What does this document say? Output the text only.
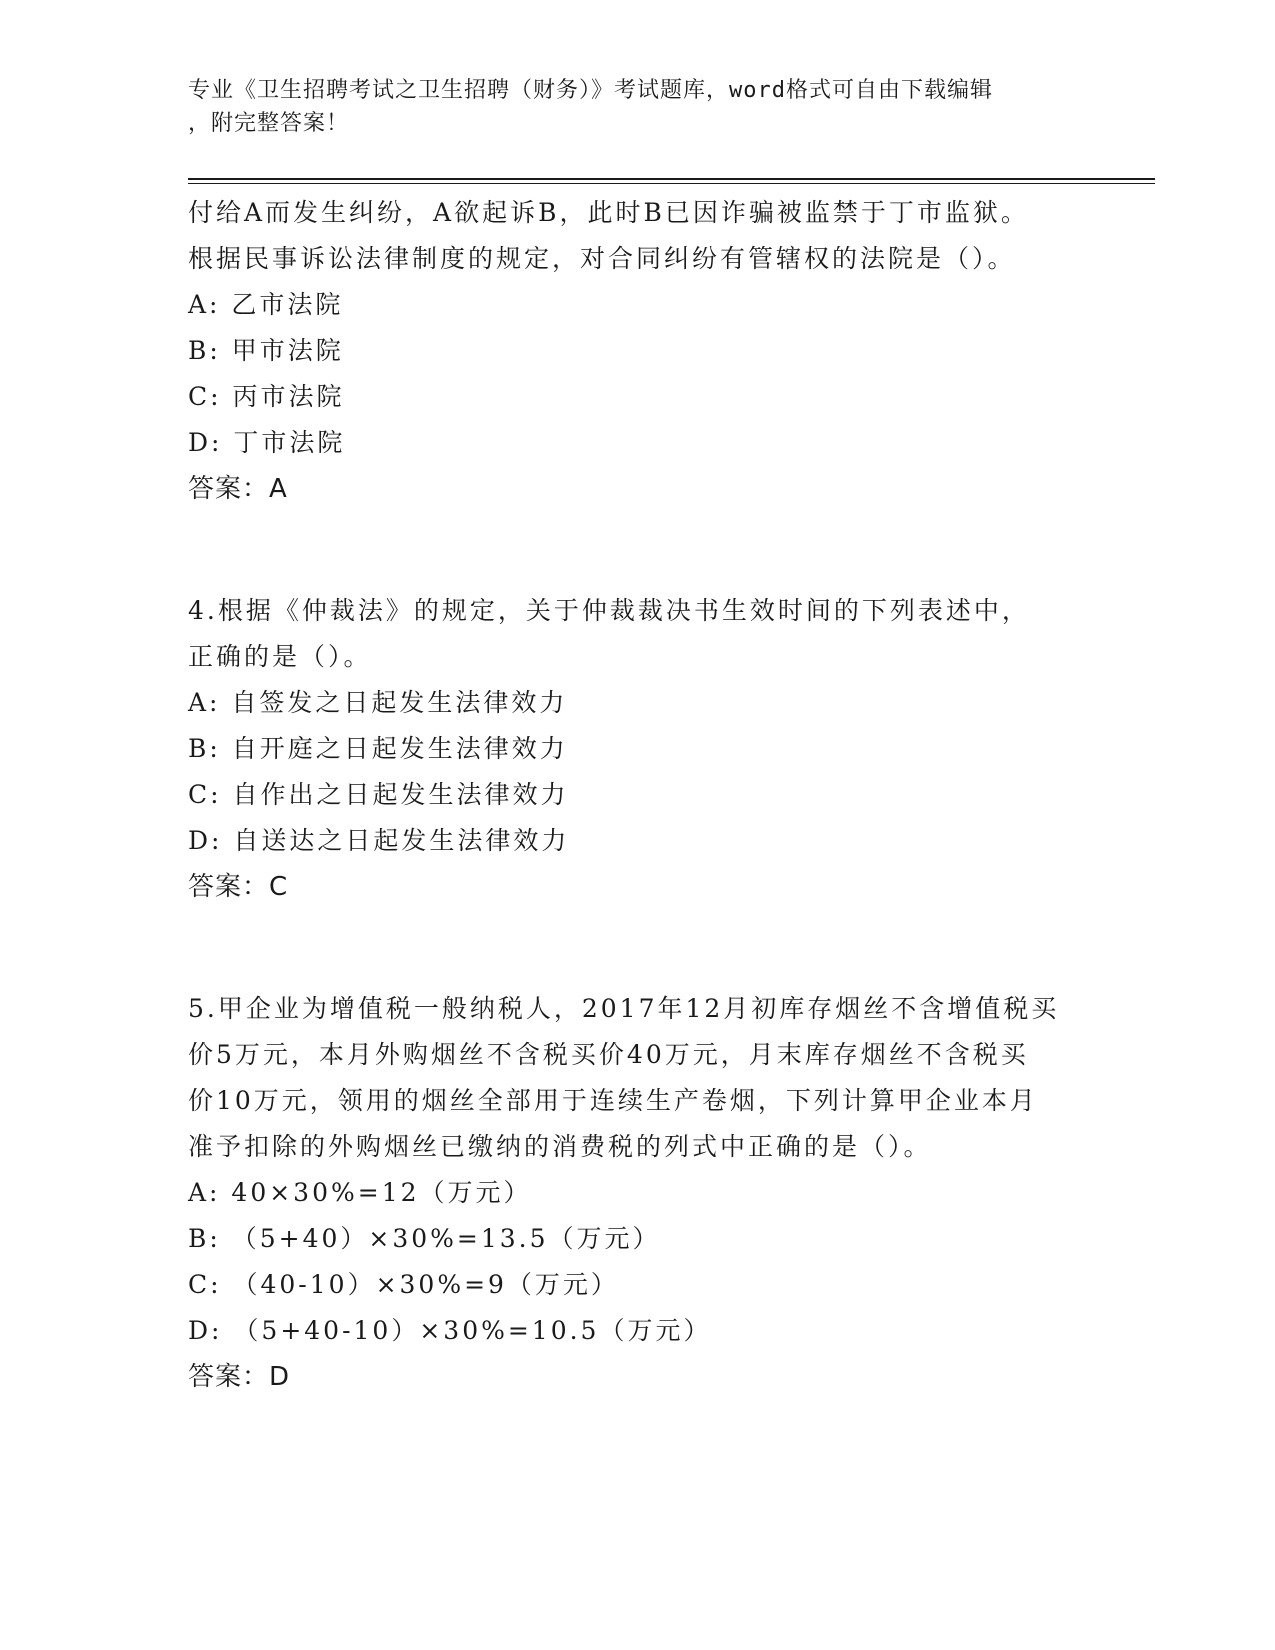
专业《卫生招聘考试之卫生招聘（财务）》考试题库，word格式可自由下载编辑
，附完整答案！
付给A而发生纠纷，A欲起诉B，此时B已因诈骗被监禁于丁市监狱。
根据民事诉讼法律制度的规定，对合同纠纷有管辖权的法院是（）。
A: 乙市法院
B: 甲市法院
C: 丙市法院
D: 丁市法院
答案：A
4.根据《仲裁法》的规定，关于仲裁裁决书生效时间的下列表述中，
正确的是（）。
A: 自签发之日起发生法律效力
B: 自开庭之日起发生法律效力
C: 自作出之日起发生法律效力
D: 自送达之日起发生法律效力
答案：C
5.甲企业为增值税一般纳税人，2017年12月初库存烟丝不含增值税买
价5万元，本月外购烟丝不含税买价40万元，月末库存烟丝不含税买
价10万元，领用的烟丝全部用于连续生产卷烟，下列计算甲企业本月
准予扣除的外购烟丝已缴纳的消费税的列式中正确的是（）。
A: 40×30%=12（万元）
B: （5+40）×30%=13.5（万元）
C: （40-10）×30%=9（万元）
D: （5+40-10）×30%=10.5（万元）
答案：D
